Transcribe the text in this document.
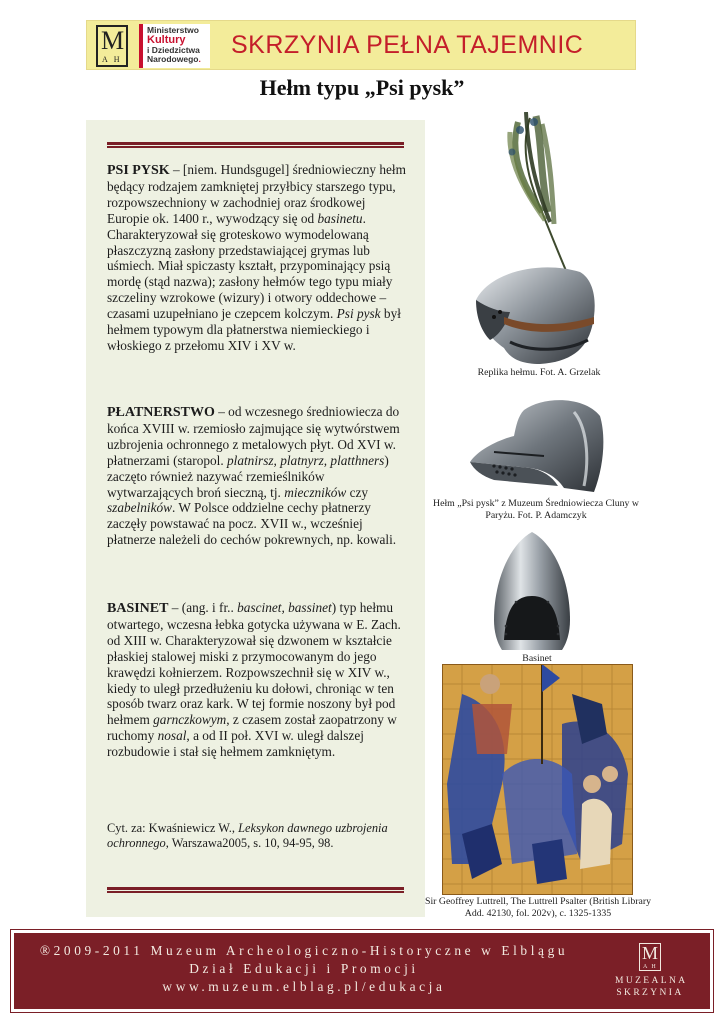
M
AH
Ministerstwo
Kultury
i Dziedzictwa
Narodowego.	SKRZYNIA PEŁNA TAJEMNIC
Hełm typu „Psi pysk”

PSI PYSK – [niem. Hundsgugel] średniowieczny hełm będący rodzajem zamkniętej przyłbicy starszego typu, rozpowszechniony w zachodniej oraz środkowej Europie ok. 1400 r., wywodzący się od basinetu. Charakteryzował się groteskowo wymodelowaną płaszczyzną zasłony przedstawiającej grymas lub uśmiech. Miał spiczasty kształt, przypominający psią mordę (stąd nazwa); zasłony hełmów tego typu miały szczeliny wzrokowe (wizury) i otwory oddechowe – czasami uzupełniano je czepcem kolczym. Psi pysk był hełmem typowym dla płatnerstwa niemieckiego i włoskiego z przełomu XIV i XV w.

PŁATNERSTWO – od wczesnego średniowiecza do końca XVIII w. rzemiosło zajmujące się wytwórstwem uzbrojenia ochronnego z metalowych płyt. Od XVI w. płatnerzami (staropol. platnirsz, platnyrz, platthners) zaczęto również nazywać rzemieślników wytwarzających broń sieczną, tj. mieczników czy szabelników. W Polsce oddzielne cechy płatnerzy zaczęły powstawać na pocz. XVII w., wcześniej płatnerze należeli do cechów pokrewnych, np. kowali.

BASINET – (ang. i fr.. bascinet, bassinet) typ hełmu otwartego, wczesna łebka gotycka używana w E. Zach. od XIII w. Charakteryzował się dzwonem w kształcie płaskiej stalowej miski z przymocowanym do jego krawędzi kołnierzem. Rozpowszechnił się w XIV w., kiedy to uległ przedłużeniu ku dołowi, chroniąc w ten sposób twarz oraz kark. W tej formie noszony był pod hełmem garnczkowym, z czasem został zaopatrzony w ruchomy nosal, a od II poł. XVI w. uległ dalszej rozbudowie i stał się hełmem zamkniętym.

Cyt. za: Kwaśniewicz W., Leksykon dawnego uzbrojenia ochronnego, Warszawa2005, s. 10, 94-95, 98.

Replika hełmu. Fot. A. Grzelak
Hełm „Psi pysk” z Muzeum Średniowiecza Cluny w Paryżu. Fot. P. Adamczyk
Basinet
Sir Geoffrey Luttrell, The Luttrell Psalter (British Library Add. 42130, fol. 202v), c. 1325-1335
®2009-2011 Muzeum Archeologiczno-Historyczne w Elblągu
Dział Edukacji i Promocji
www.muzeum.elblag.pl/edukacja
M
AH
MUZEALNA
SKRZYNIA
